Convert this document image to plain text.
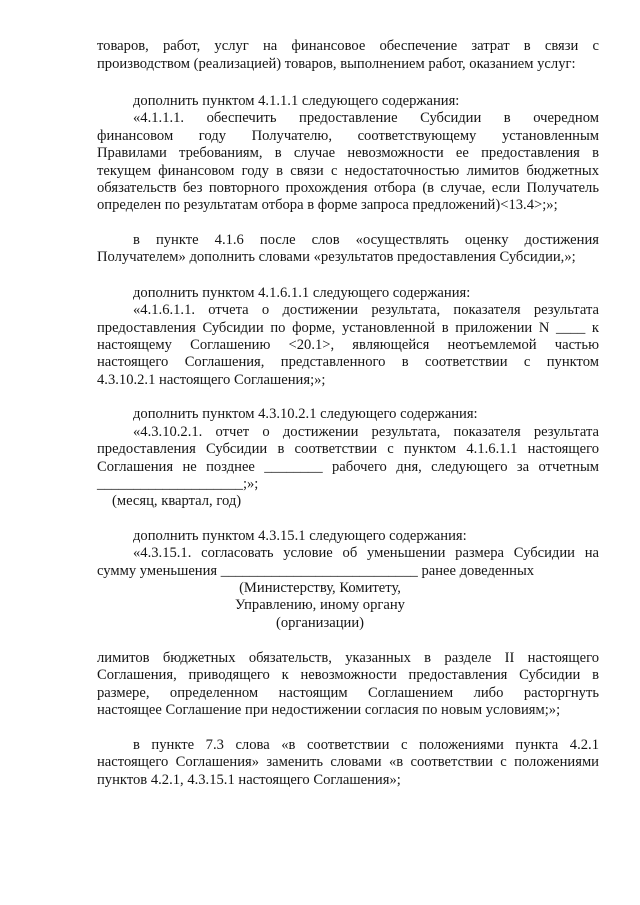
товаров, работ, услуг на финансовое обеспечение затрат в связи с
производством (реализацией) товаров, выполнением работ, оказанием услуг:
дополнить пунктом 4.1.1.1 следующего содержания:
«4.1.1.1. обеспечить предоставление Субсидии в очередном
финансовом году Получателю, соответствующему установленным
Правилами требованиям, в случае невозможности ее предоставления в
текущем финансовом году в связи с недостаточностью лимитов бюджетных
обязательств без повторного прохождения отбора (в случае, если Получатель
определен по результатам отбора в форме запроса предложений)<13.4>;»;
в пункте 4.1.6 после слов «осуществлять оценку достижения
Получателем» дополнить словами «результатов предоставления Субсидии,»;
дополнить пунктом 4.1.6.1.1 следующего содержания:
«4.1.6.1.1. отчета о достижении результата, показателя результата
предоставления Субсидии по форме, установленной в приложении N ____ к
настоящему Соглашению <20.1>, являющейся неотъемлемой частью
настоящего Соглашения, представленного в соответствии с пунктом
4.3.10.2.1 настоящего Соглашения;»;
дополнить пунктом 4.3.10.2.1 следующего содержания:
«4.3.10.2.1. отчет о достижении результата, показателя результата
предоставления Субсидии в соответствии с пунктом 4.1.6.1.1 настоящего
Соглашения не позднее ________ рабочего дня, следующего за отчетным
____________________;»;
(месяц, квартал, год)
дополнить пунктом 4.3.15.1 следующего содержания:
«4.3.15.1. согласовать условие об уменьшении размера Субсидии на
сумму уменьшения ___________________________ ранее доведенных
(Министерству, Комитету,
Управлению, иному органу
(организации)
лимитов бюджетных обязательств, указанных в разделе II настоящего
Соглашения, приводящего к невозможности предоставления Субсидии в
размере, определенном настоящим Соглашением либо расторгнуть
настоящее Соглашение при недостижении согласия по новым условиям;»;
в пункте 7.3 слова «в соответствии с положениями пункта 4.2.1
настоящего Соглашения» заменить словами «в соответствии с положениями
пунктов 4.2.1, 4.3.15.1 настоящего Соглашения»;
